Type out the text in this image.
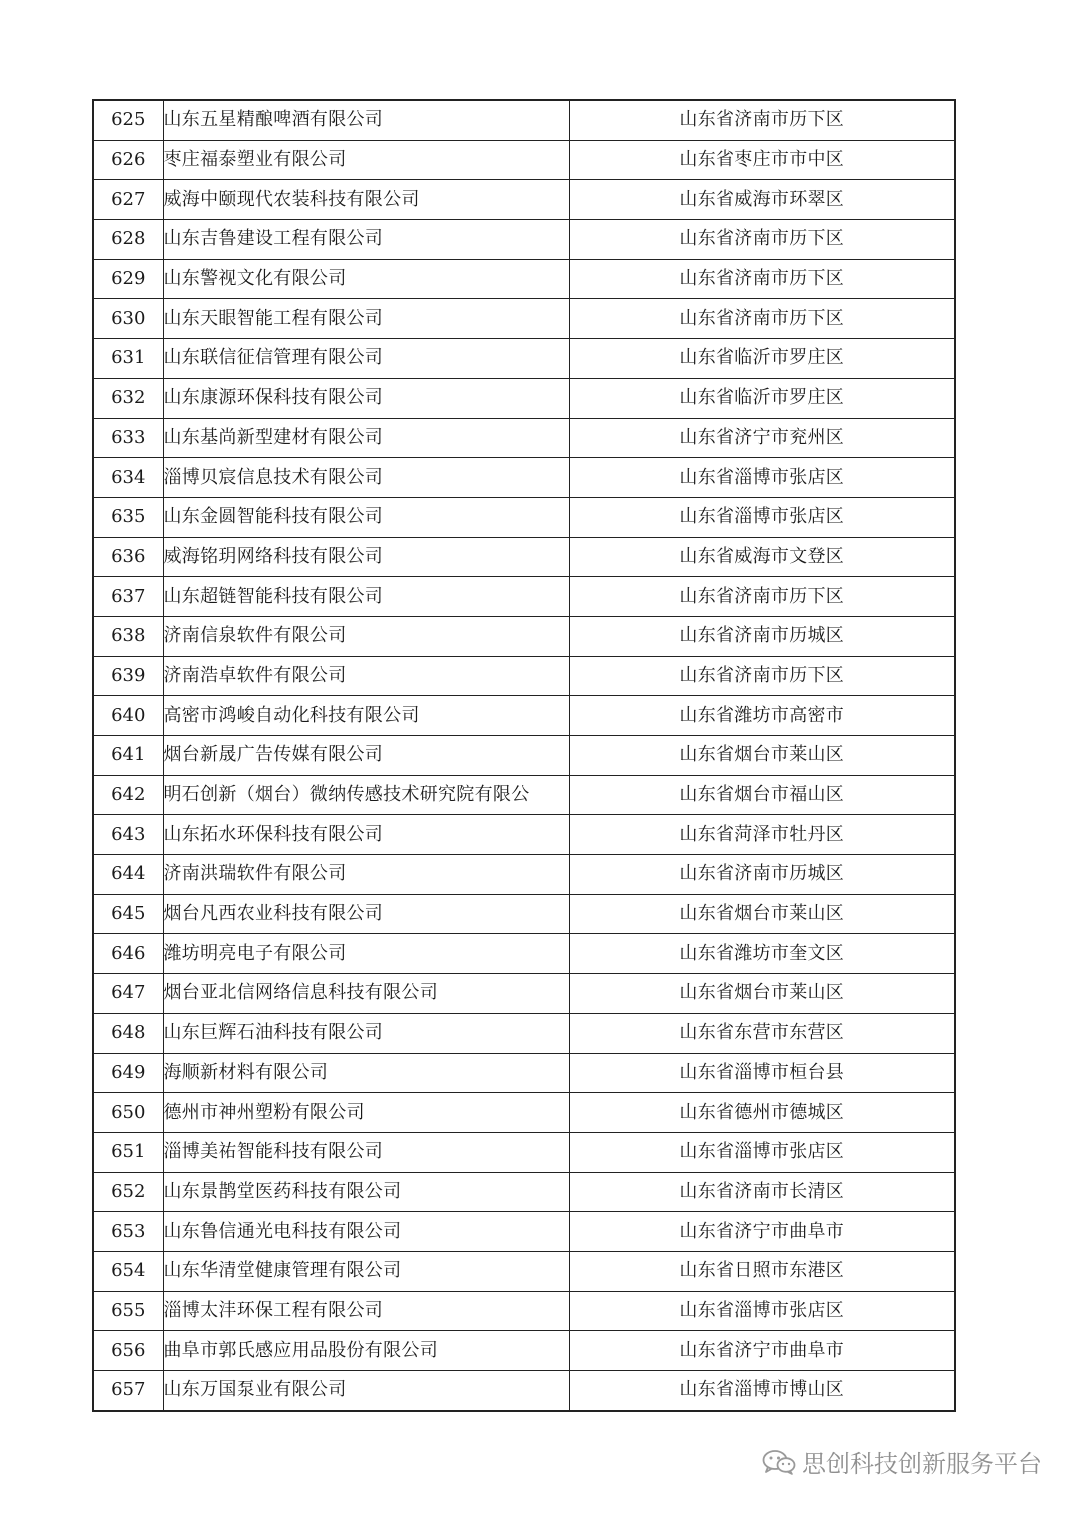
625	山东五星精酿啤酒有限公司	山东省济南市历下区
626	枣庄福泰塑业有限公司	山东省枣庄市市中区
627	威海中颐现代农装科技有限公司	山东省威海市环翠区
628	山东吉鲁建设工程有限公司	山东省济南市历下区
629	山东警视文化有限公司	山东省济南市历下区
630	山东天眼智能工程有限公司	山东省济南市历下区
631	山东联信征信管理有限公司	山东省临沂市罗庄区
632	山东康源环保科技有限公司	山东省临沂市罗庄区
633	山东基尚新型建材有限公司	山东省济宁市兖州区
634	淄博贝宸信息技术有限公司	山东省淄博市张店区
635	山东金圆智能科技有限公司	山东省淄博市张店区
636	威海铭玥网络科技有限公司	山东省威海市文登区
637	山东超链智能科技有限公司	山东省济南市历下区
638	济南信泉软件有限公司	山东省济南市历城区
639	济南浩卓软件有限公司	山东省济南市历下区
640	高密市鸿峻自动化科技有限公司	山东省潍坊市高密市
641	烟台新晟广告传媒有限公司	山东省烟台市莱山区
642	明石创新（烟台）微纳传感技术研究院有限公	山东省烟台市福山区
643	山东拓水环保科技有限公司	山东省菏泽市牡丹区
644	济南洪瑞软件有限公司	山东省济南市历城区
645	烟台凡西农业科技有限公司	山东省烟台市莱山区
646	潍坊明亮电子有限公司	山东省潍坊市奎文区
647	烟台亚北信网络信息科技有限公司	山东省烟台市莱山区
648	山东巨辉石油科技有限公司	山东省东营市东营区
649	海顺新材料有限公司	山东省淄博市桓台县
650	德州市神州塑粉有限公司	山东省德州市德城区
651	淄博美祐智能科技有限公司	山东省淄博市张店区
652	山东景鹊堂医药科技有限公司	山东省济南市长清区
653	山东鲁信通光电科技有限公司	山东省济宁市曲阜市
654	山东华清堂健康管理有限公司	山东省日照市东港区
655	淄博太沣环保工程有限公司	山东省淄博市张店区
656	曲阜市郭氏感应用品股份有限公司	山东省济宁市曲阜市
657	山东万国泵业有限公司	山东省淄博市博山区
思创科技创新服务平台
